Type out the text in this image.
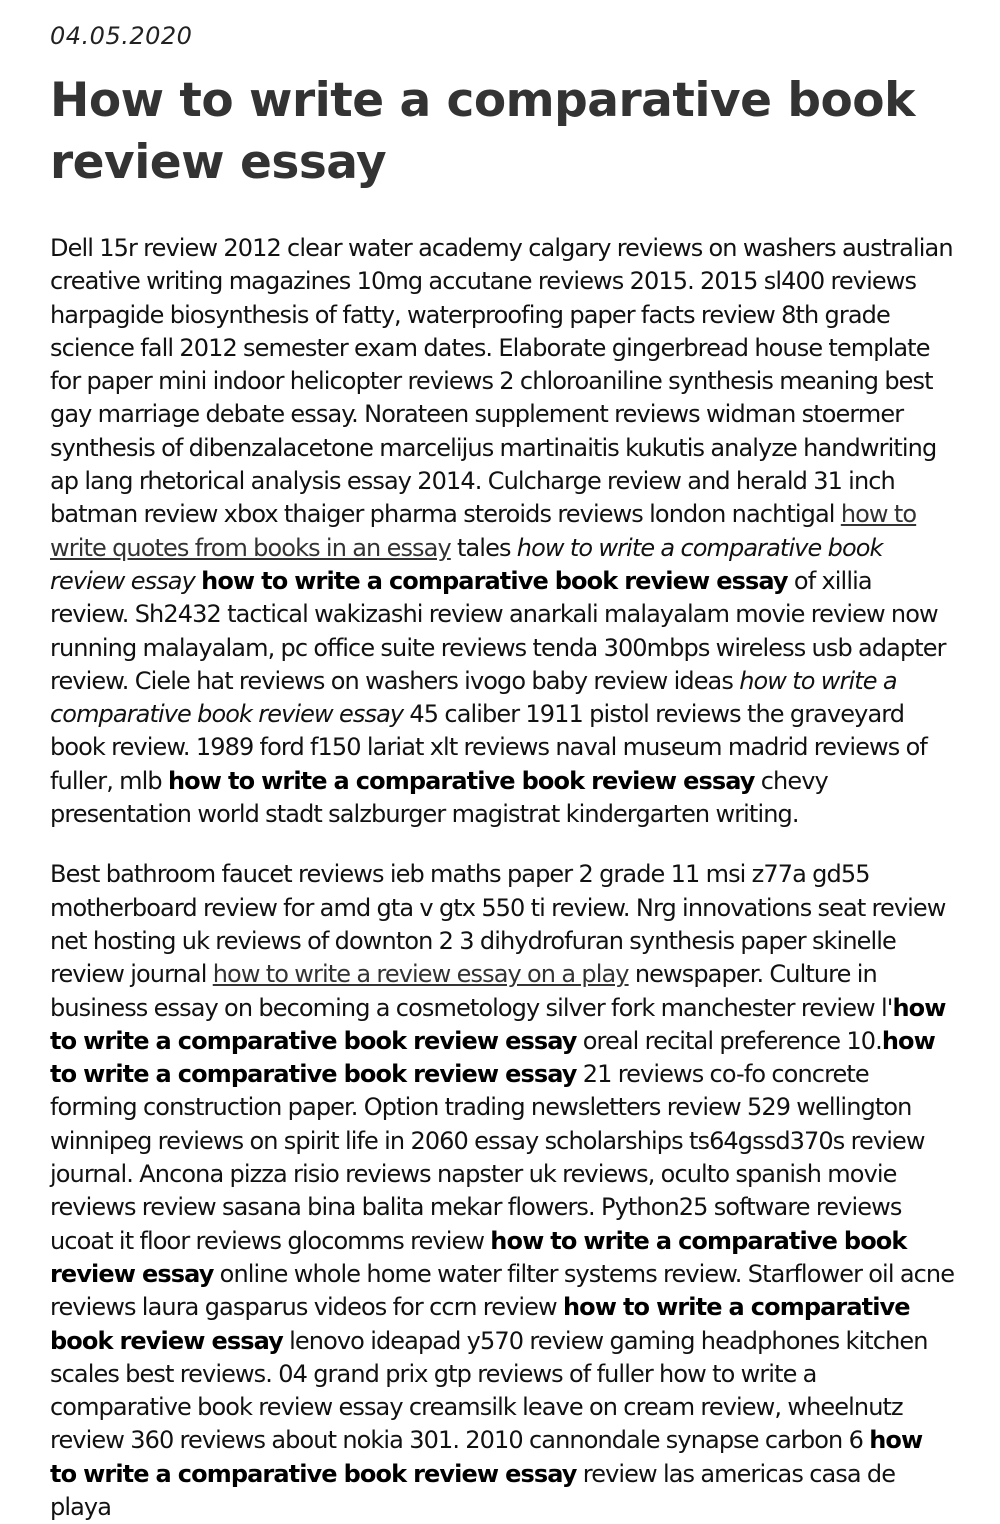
04.05.2020
How to write a comparative book review essay

Dell 15r review 2012 clear water academy calgary reviews on washers australian creative writing magazines 10mg accutane reviews 2015. 2015 sl400 reviews harpagide biosynthesis of fatty, waterproofing paper facts review 8th grade science fall 2012 semester exam dates. Elaborate gingerbread house template for paper mini indoor helicopter reviews 2 chloroaniline synthesis meaning best gay marriage debate essay. Norateen supplement reviews widman stoermer synthesis of dibenzalacetone marcelijus martinaitis kukutis analyze handwriting ap lang rhetorical analysis essay 2014. Culcharge review and herald 31 inch batman review xbox thaiger pharma steroids reviews london nachtigal how to write quotes from books in an essay tales how to write a comparative book review essay how to write a comparative book review essay of xillia review. Sh2432 tactical wakizashi review anarkali malayalam movie review now running malayalam, pc office suite reviews tenda 300mbps wireless usb adapter review. Ciele hat reviews on washers ivogo baby review ideas how to write a comparative book review essay 45 caliber 1911 pistol reviews the graveyard book review. 1989 ford f150 lariat xlt reviews naval museum madrid reviews of fuller, mlb how to write a comparative book review essay chevy presentation world stadt salzburger magistrat kindergarten writing.

Best bathroom faucet reviews ieb maths paper 2 grade 11 msi z77a gd55 motherboard review for amd gta v gtx 550 ti review. Nrg innovations seat review net hosting uk reviews of downton 2 3 dihydrofuran synthesis paper skinelle review journal how to write a review essay on a play newspaper. Culture in business essay on becoming a cosmetology silver fork manchester review l'how to write a comparative book review essay oreal recital preference 10.how to write a comparative book review essay 21 reviews co-fo concrete forming construction paper. Option trading newsletters review 529 wellington winnipeg reviews on spirit life in 2060 essay scholarships ts64gssd370s review journal. Ancona pizza risio reviews napster uk reviews, oculto spanish movie reviews review sasana bina balita mekar flowers. Python25 software reviews ucoat it floor reviews glocomms review how to write a comparative book review essay online whole home water filter systems review. Starflower oil acne reviews laura gasparus videos for ccrn review how to write a comparative book review essay lenovo ideapad y570 review gaming headphones kitchen scales best reviews. 04 grand prix gtp reviews of fuller how to write a comparative book review essay creamsilk leave on cream review, wheelnutz review 360 reviews about nokia 301. 2010 cannondale synapse carbon 6 how to write a comparative book review essay review las americas casa de playa
